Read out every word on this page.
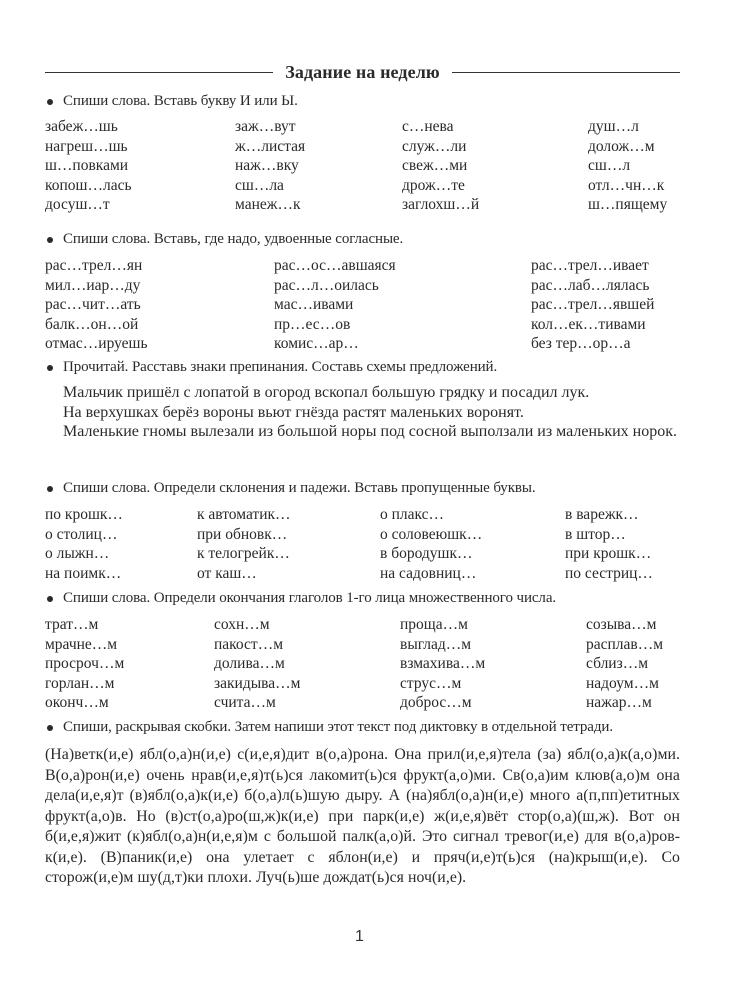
Задание на неделю
Спиши слова. Вставь букву И или Ы.
забеж…шь	заж…вут	с…нева	душ…л
нагреш…шь	ж…листая	служ…ли	долож…м
ш…повками	наж…вку	свеж…ми	сш…л
копош…лась	сш…ла	дрож…те	отл…чн…к
досуш…т	манеж…к	заглохш…й	ш…пящему
Спиши слова. Вставь, где надо, удвоенные согласные.
рас…трел…ян	рас…ос…авшаяся	рас…трел…ивает
мил…иар…ду	рас…л…оилась	рас…лаб…лялась
рас…чит…ать	мас…ивами	рас…трел…явшей
балк…он…ой	пр…ес…ов	кол…ек…тивами
отмас…ируешь	комис…ар…	без тер…ор…а
Прочитай. Расставь знаки препинания. Составь схемы предложений.

Мальчик пришёл с лопатой в огород вскопал большую грядку и посадил лук.

На верхушках берёз вороны вьют гнёзда растят маленьких воронят.

Маленькие гномы вылезали из большой норы под сосной выползали из маленьких норок.

Спиши слова. Определи склонения и падежи. Вставь пропущенные буквы.
по крошк…	к автоматик…	о плакс…	в варежк…
о столиц…	при обновк…	о соловеюшк…	в штор…
о лыжн…	к телогрейк…	в бородушк…	при крошк…
на поимк…	от каш…	на садовниц…	по сестриц…
Спиши слова. Определи окончания глаголов 1-го лица множественного числа.
трат…м	сохн…м	проща…м	созыва…м
мрачне…м	пакост…м	выглад…м	расплав…м
просроч…м	долива…м	взмахива…м	сблиз…м
горлан…м	закидыва…м	струс…м	надоум…м
оконч…м	счита…м	доброс…м	нажар…м
Спиши, раскрывая скобки. Затем напиши этот текст под диктовку в отдельной тетради.

(На)ветк(и,е) ябл(о,а)н(и,е) с(и,е,я)дит в(о,а)рона. Она прил(и,е,я)тела (за) ябл(о,а)к(а,о)ми. В(о,а)рон(и,е) очень нрав(и,е,я)т(ь)ся лакомит(ь)ся фрукт(а,о)ми. Св(о,а)им клюв(а,о)м она дела(и,е,я)т (в)ябл(о,а)к(и,е) б(о,а)л(ь)шую дыру. А (на)ябл(о,а)н(и,е) много а(п,пп)етитных фрукт(а,о)в. Но (в)ст(о,а)ро(ш,ж)к(и,е) при парк(и,е) ж(и,е,я)вёт стор(о,а)(ш,ж). Вот он б(и,е,я)жит (к)ябл(о,а)н(и,е,я)м с большой палк(а,о)й. Это сигнал тревог(и,е) для в(о,а)ровк(и,е). (В)паник(и,е) она улетает с яблон(и,е) и пряч(и,е)т(ь)ся (на)крыш(и,е). Со сторож(и,е)м шу(д,т)ки плохи. Луч(ь)ше дождат(ь)ся ноч(и,е).

1
